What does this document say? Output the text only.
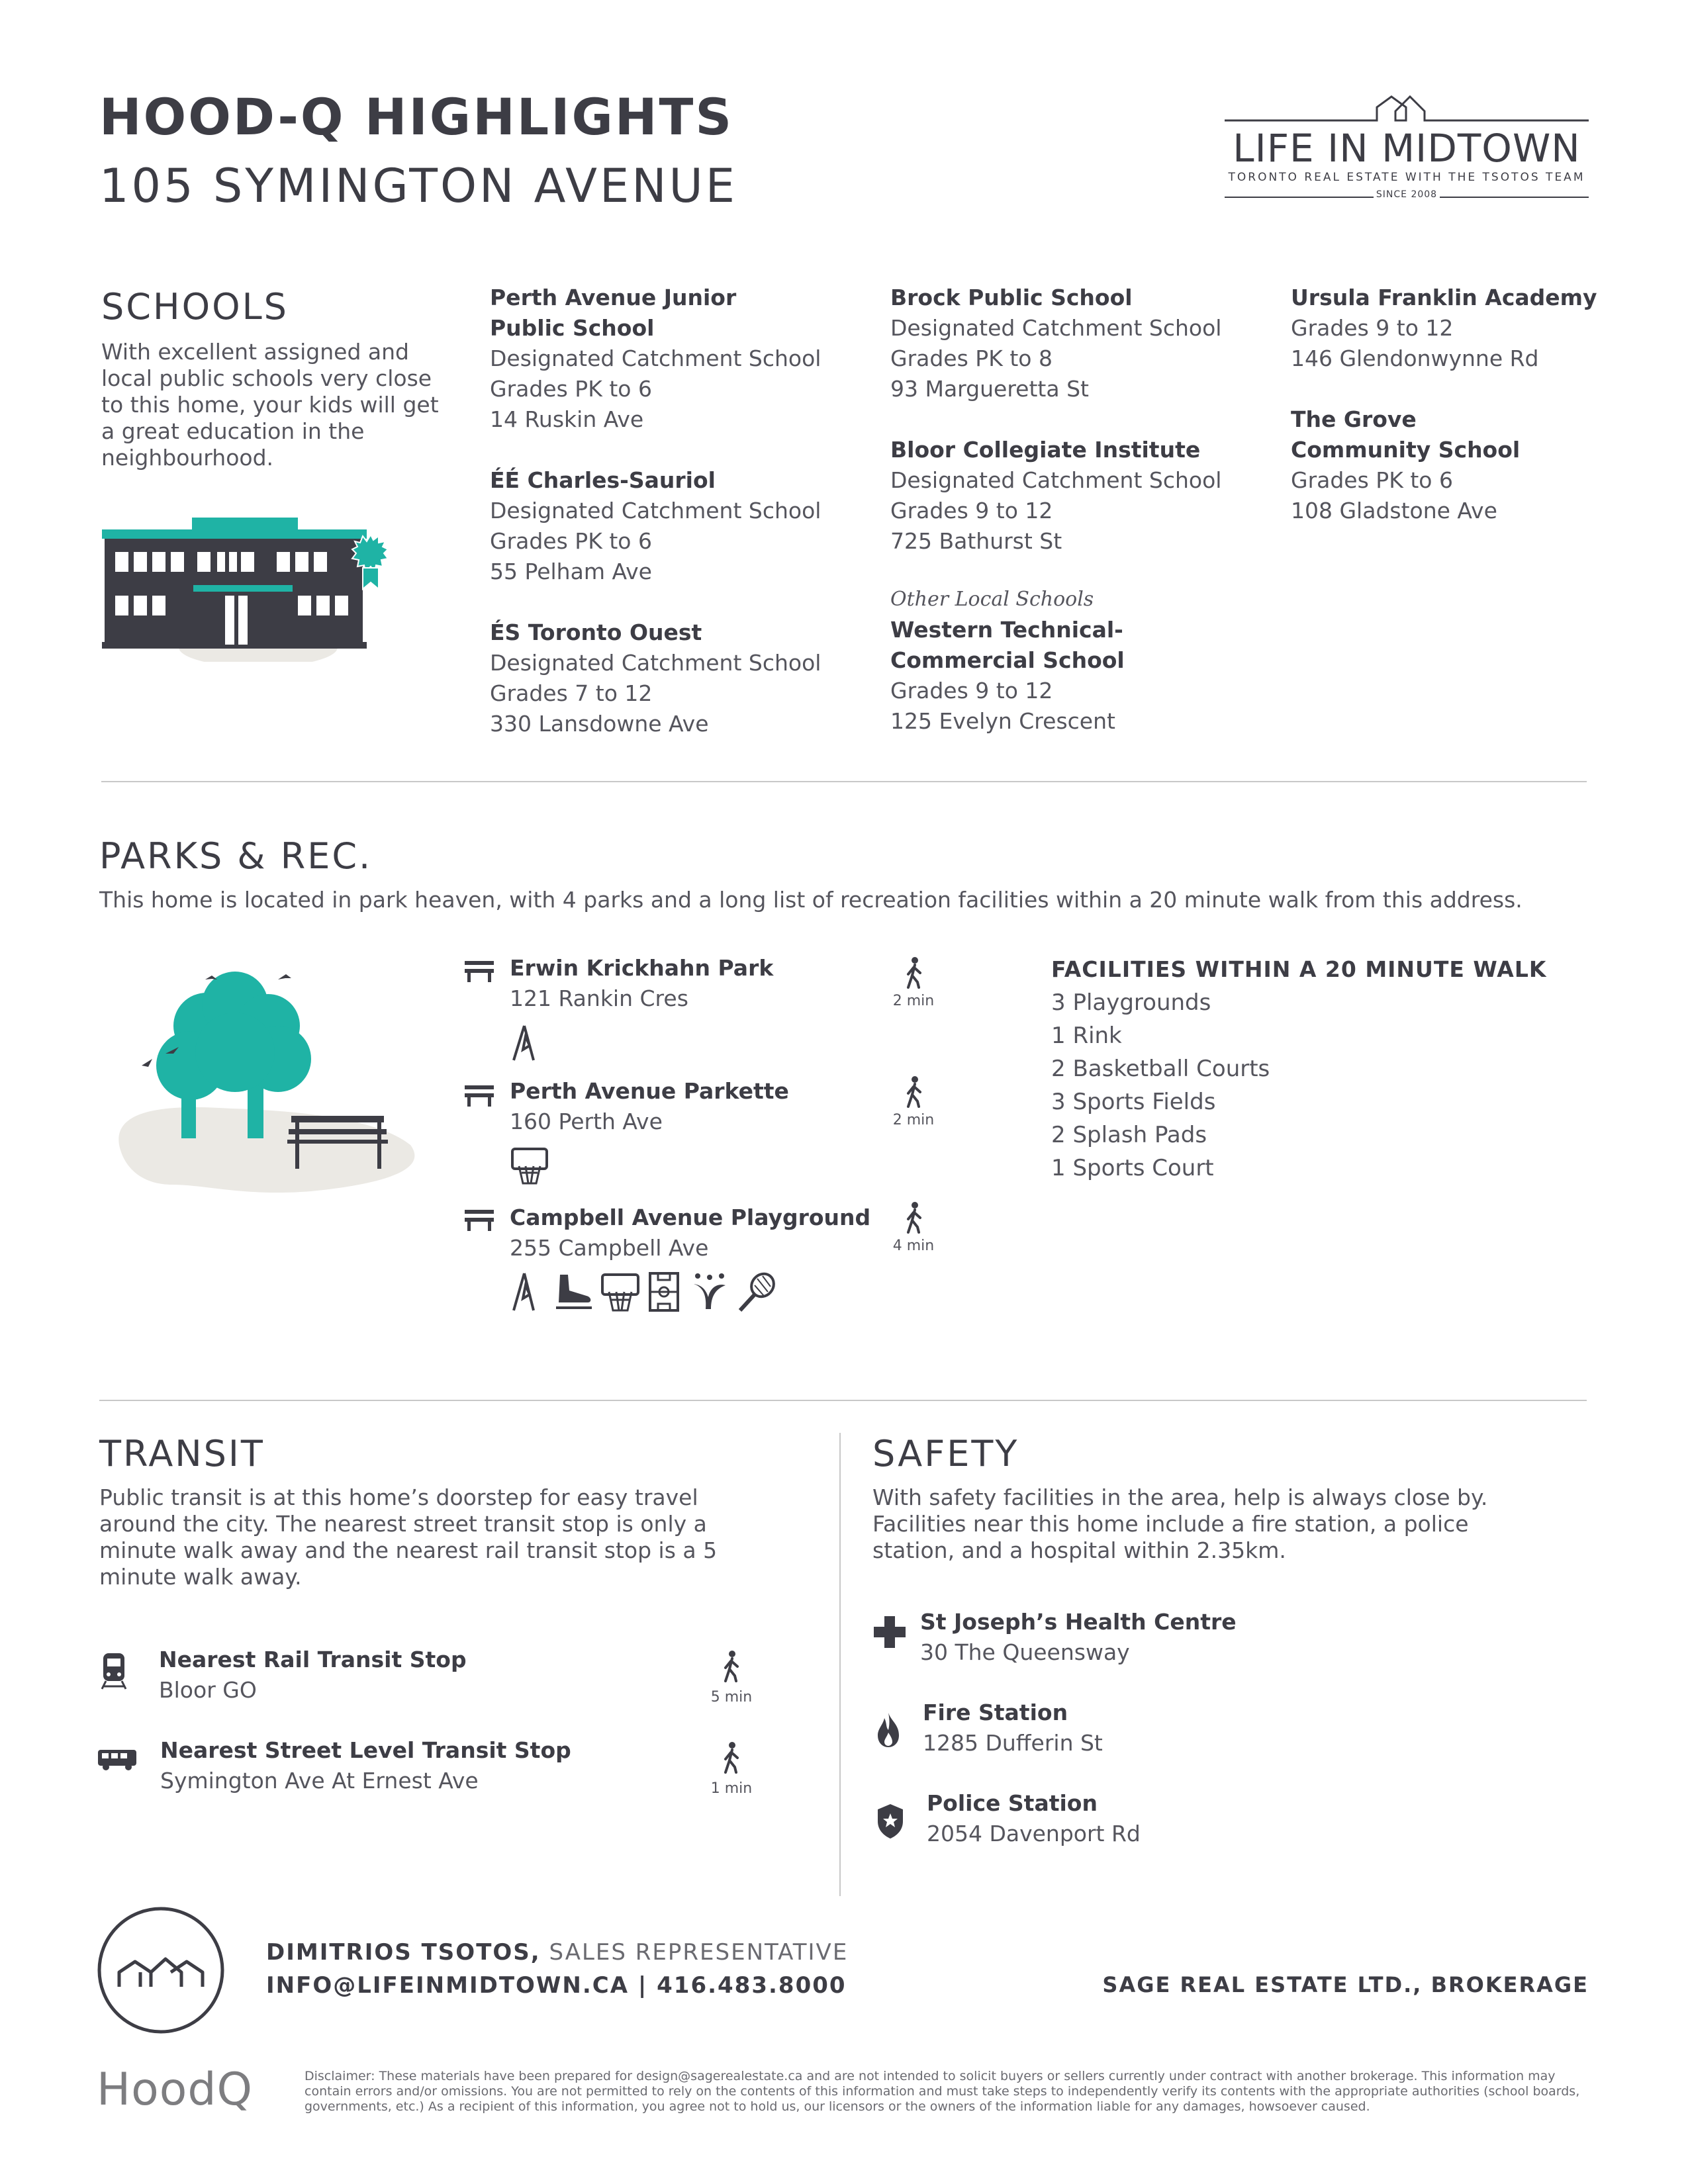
HOOD-Q HIGHLIGHTS
105 SYMINGTON AVENUE
LIFE IN MIDTOWN
TORONTO REAL ESTATE WITH THE TSOTOS TEAM
SINCE 2008
SCHOOLS
With excellent assigned and local public schools very close to this home, your kids will get a great education in the neighbourhood.
Perth Avenue Junior
Public School
Designated Catchment School
Grades PK to 6
14 Ruskin Ave
ÉÉ Charles-Sauriol
Designated Catchment School
Grades PK to 6
55 Pelham Ave
ÉS Toronto Ouest
Designated Catchment School
Grades 7 to 12
330 Lansdowne Ave
Brock Public School
Designated Catchment School
Grades PK to 8
93 Margueretta St
Bloor Collegiate Institute
Designated Catchment School
Grades 9 to 12
725 Bathurst St
Other Local Schools
Western Technical-
Commercial School
Grades 9 to 12
125 Evelyn Crescent
Ursula Franklin Academy
Grades 9 to 12
146 Glendonwynne Rd
The Grove
Community School
Grades PK to 6
108 Gladstone Ave
PARKS & REC.
This home is located in park heaven, with 4 parks and a long list of recreation facilities within a 20 minute walk from this address.
Erwin Krickhahn Park
121 Rankin Cres
Perth Avenue Parkette
160 Perth Ave
Campbell Avenue Playground
255 Campbell Ave
2 min
2 min
4 min
FACILITIES WITHIN A 20 MINUTE WALK
3 Playgrounds
1 Rink
2 Basketball Courts
3 Sports Fields
2 Splash Pads
1 Sports Court
TRANSIT
Public transit is at this home’s doorstep for easy travel around the city. The nearest street transit stop is only a minute walk away and the nearest rail transit stop is a 5 minute walk away.
Nearest Rail Transit Stop
Bloor GO	5 min
Nearest Street Level Transit Stop
Symington Ave At Ernest Ave	1 min
SAFETY
With safety facilities in the area, help is always close by. Facilities near this home include a fire station, a police station, and a hospital within 2.35km.
St Joseph’s Health Centre
30 The Queensway
Fire Station
1285 Dufferin St
Police Station
2054 Davenport Rd
DIMITRIOS TSOTOS, SALES REPRESENTATIVE
INFO@LIFEINMIDTOWN.CA | 416.483.8000	SAGE REAL ESTATE LTD., BROKERAGE
HoodQ	Disclaimer: These materials have been prepared for design@sagerealestate.ca and are not intended to solicit buyers or sellers currently under contract with another brokerage. This information may contain errors and/or omissions. You are not permitted to rely on the contents of this information and must take steps to independently verify its contents with the appropriate authorities (school boards, governments, etc.) As a recipient of this information, you agree not to hold us, our licensors or the owners of the information liable for any damages, howsoever caused.
